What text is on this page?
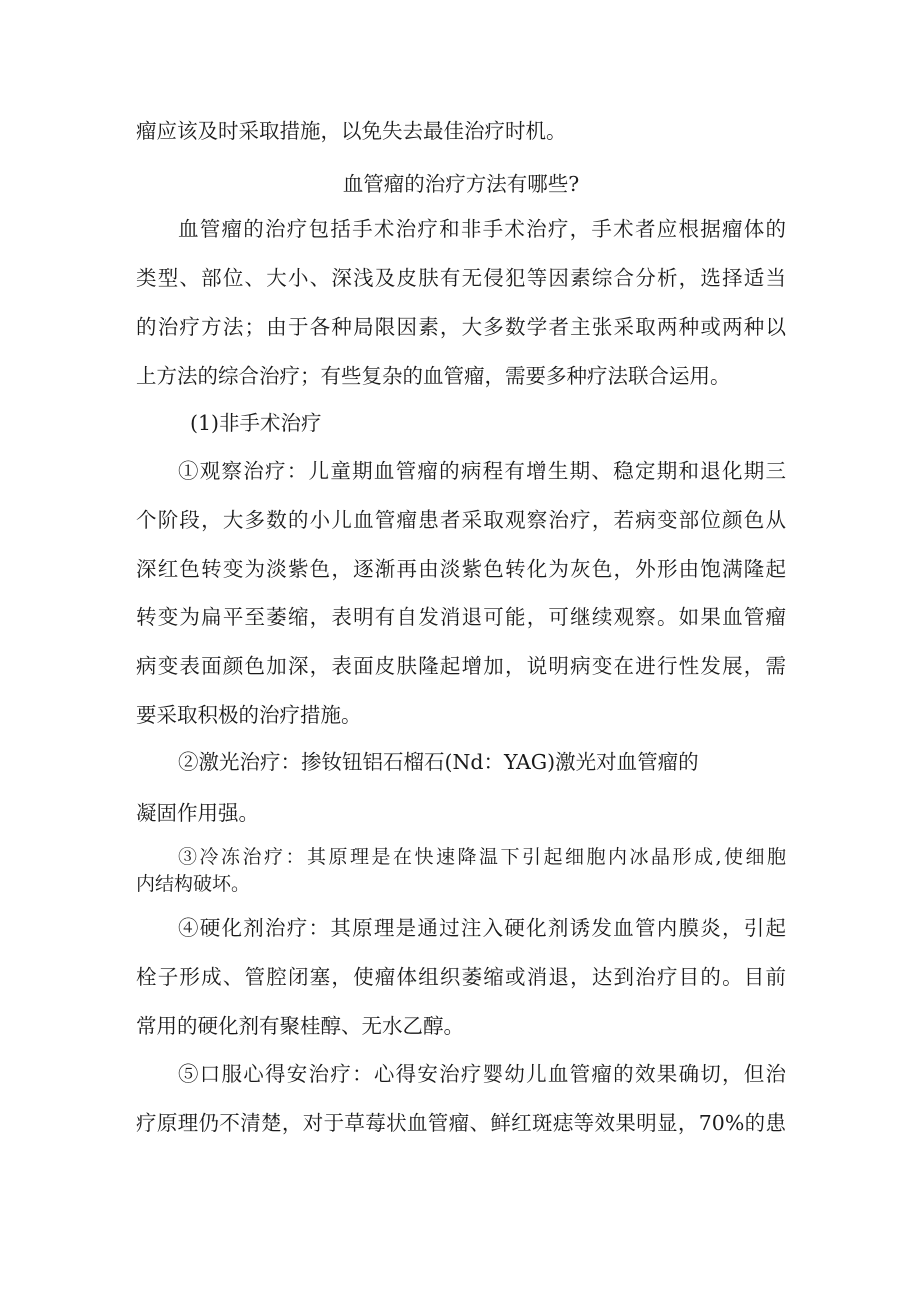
瘤应该及时采取措施，以免失去最佳治疗时机。

血管瘤的治疗方法有哪些?

血管瘤的治疗包括手术治疗和非手术治疗，手术者应根据瘤体的

类型、部位、大小、深浅及皮肤有无侵犯等因素综合分析，选择适当

的治疗方法；由于各种局限因素，大多数学者主张采取两种或两种以

上方法的综合治疗；有些复杂的血管瘤，需要多种疗法联合运用。

(1)非手术治疗

①观察治疗：儿童期血管瘤的病程有增生期、稳定期和退化期三

个阶段，大多数的小儿血管瘤患者采取观察治疗，若病变部位颜色从

深红色转变为淡紫色，逐渐再由淡紫色转化为灰色，外形由饱满隆起

转变为扁平至萎缩，表明有自发消退可能，可继续观察。如果血管瘤

病变表面颜色加深，表面皮肤隆起增加，说明病变在进行性发展，需

要采取积极的治疗措施。

②激光治疗：掺钕钮铝石榴石(Nd：YAG)激光对血管瘤的

凝固作用强。

③冷冻治疗：其原理是在快速降温下引起细胞内冰晶形成,使细胞

内结构破坏。

④硬化剂治疗：其原理是通过注入硬化剂诱发血管内膜炎，引起

栓子形成、管腔闭塞，使瘤体组织萎缩或消退，达到治疗目的。目前

常用的硬化剂有聚桂醇、无水乙醇。

⑤口服心得安治疗：心得安治疗婴幼儿血管瘤的效果确切，但治

疗原理仍不清楚，对于草莓状血管瘤、鲜红斑痣等效果明显，70%的患
